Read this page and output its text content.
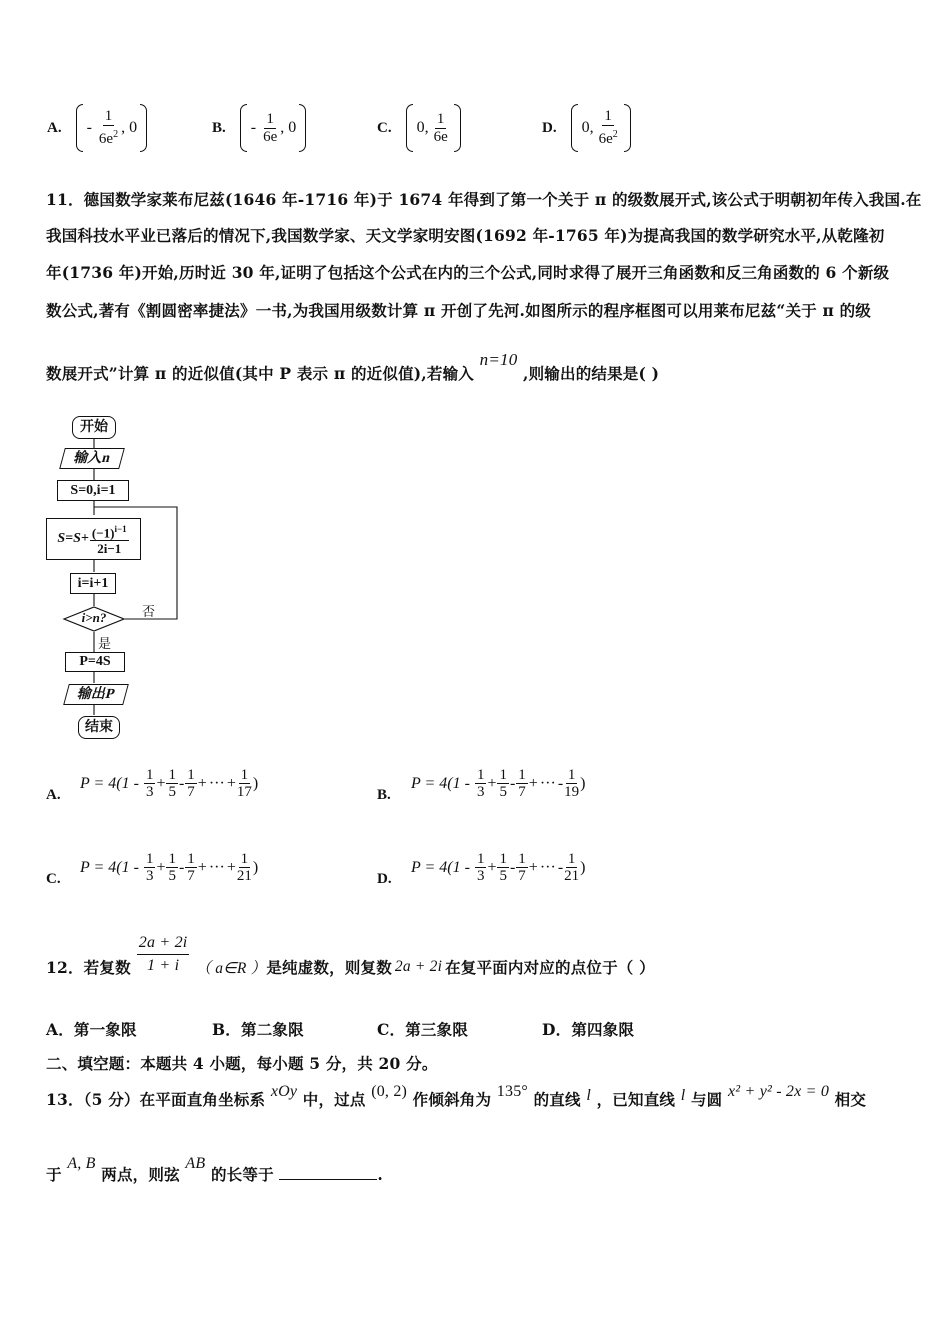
A. - $\frac{1}{6e^2}$ , 0	B. - $\frac{1}{6e}$ , 0	C. 0, $\frac{1}{6e}$	D. 0, $\frac{1}{6e^2}$
11．德国数学家莱布尼兹(1646 年-1716 年)于 1674 年得到了第一个关于 π 的级数展开式,该公式于明朝初年传入我国.在
我国科技水平业已落后的情况下,我国数学家、天文学家明安图(1692 年-1765 年)为提高我国的数学研究水平,从乾隆初
年(1736 年)开始,历时近 30 年,证明了包括这个公式在内的三个公式,同时求得了展开三角函数和反三角函数的 6 个新级
数公式,著有《割圆密率捷法》一书,为我国用级数计算 π 开创了先河.如图所示的程序框图可以用莱布尼兹“关于 π 的级
数展开式”计算 π 的近似值(其中 P 表示 π 的近似值),若输入 n=10 ,则输出的结果是( )
开始
输入n
S=0,i=1
$S=S+ \frac{(-1)^{i-1}}{2i-1}$
i=i+1
i>n?	否
是
P=4S
输出P
结束
A.
$P = 4(1 - \frac{1}{3} + \frac{1}{5} - \frac{1}{7}$ + ··· + $\frac{1}{17}$ )
B.
$P = 4(1 - \frac{1}{3} + \frac{1}{5} - \frac{1}{7}$ + ··· - $\frac{1}{19}$ )
C.
$P = 4(1 - \frac{1}{3} + \frac{1}{5} - \frac{1}{7}$ + ··· + $\frac{1}{21}$ )
D.
$P = 4(1 - \frac{1}{3} + \frac{1}{5} - \frac{1}{7}$ + ··· - $\frac{1}{21}$ )
12．若复数 $\frac{2a + 2i}{1 + i}$ （ a∈R ） 是纯虚数，则复数 2a + 2i 在复平面内对应的点位于（ ）
A．第一象限	B．第二象限	C．第三象限	D．第四象限
二、填空题：本题共 4 小题，每小题 5 分，共 20 分。
13．（5 分）在平面直角坐标系 xOy 中，过点 (0, 2) 作倾斜角为 135° 的直线 l ，已知直线 l 与圆 x² + y² - 2x = 0 相交
于 A, B 两点，则弦 AB 的长等于	.
